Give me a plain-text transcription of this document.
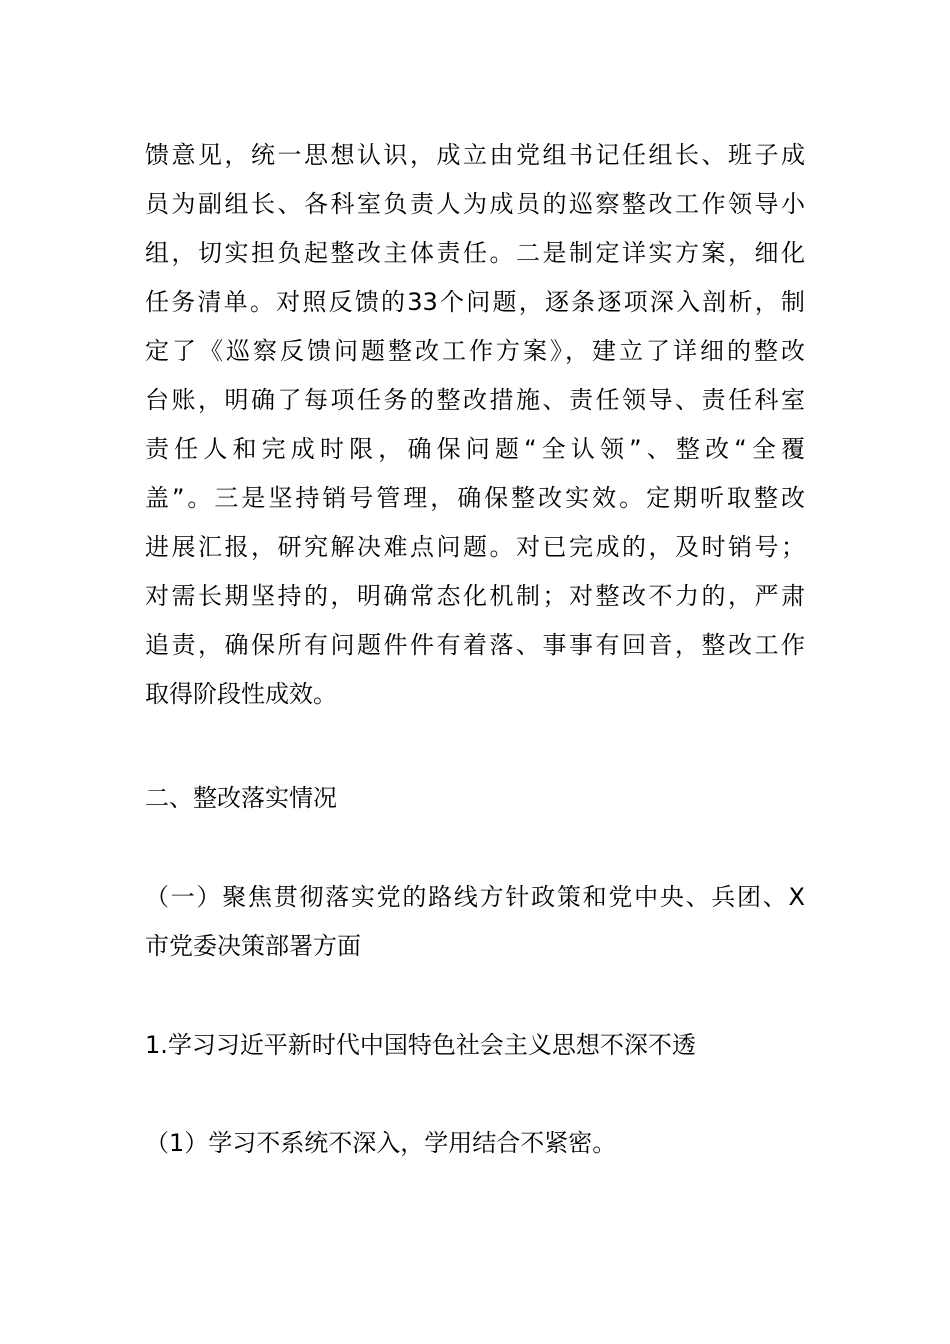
馈意见，统一思想认识，成立由党组书记任组长、班子成
员为副组长、各科室负责人为成员的巡察整改工作领导小
组，切实担负起整改主体责任。二是制定详实方案，细化
任务清单。对照反馈的33个问题，逐条逐项深入剖析，制
定了《巡察反馈问题整改工作方案》，建立了详细的整改
台账，明确了每项任务的整改措施、责任领导、责任科室
责任人和完成时限，确保问题“全认领”、整改“全覆
盖”。三是坚持销号管理，确保整改实效。定期听取整改
进展汇报，研究解决难点问题。对已完成的，及时销号；
对需长期坚持的，明确常态化机制；对整改不力的，严肃
追责，确保所有问题件件有着落、事事有回音，整改工作
取得阶段性成效。
二、整改落实情况
（一）聚焦贯彻落实党的路线方针政策和党中央、兵团、X
市党委决策部署方面
1.学习习近平新时代中国特色社会主义思想不深不透
（1）学习不系统不深入，学用结合不紧密。
